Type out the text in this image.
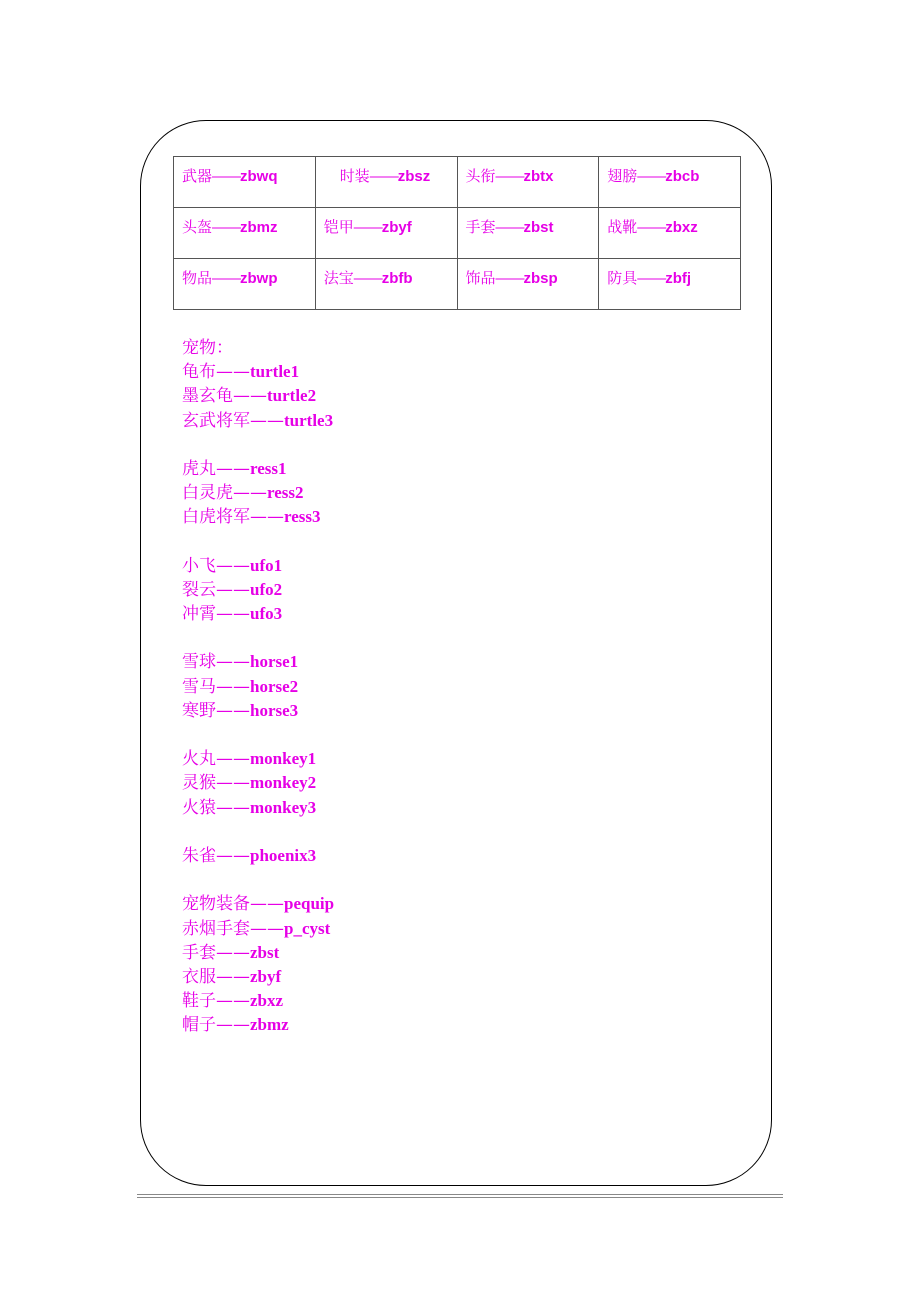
武器——zbwq	时装——zbsz	头衔——zbtx	翅膀——zbcb
头盔——zbmz	铠甲——zbyf	手套——zbst	战靴——zbxz
物品——zbwp	法宝——zbfb	饰品——zbsp	防具——zbfj
宠物：
龟布——turtle1
墨玄龟——turtle2
玄武将军——turtle3
虎丸——ress1
白灵虎——ress2
白虎将军——ress3
小飞——ufo1
裂云——ufo2
冲霄——ufo3
雪球——horse1
雪马——horse2
寒野——horse3
火丸——monkey1
灵猴——monkey2
火猿——monkey3
朱雀——phoenix3
宠物装备——pequip
赤烟手套——p_cyst
手套——zbst
衣服——zbyf
鞋子——zbxz
帽子——zbmz
